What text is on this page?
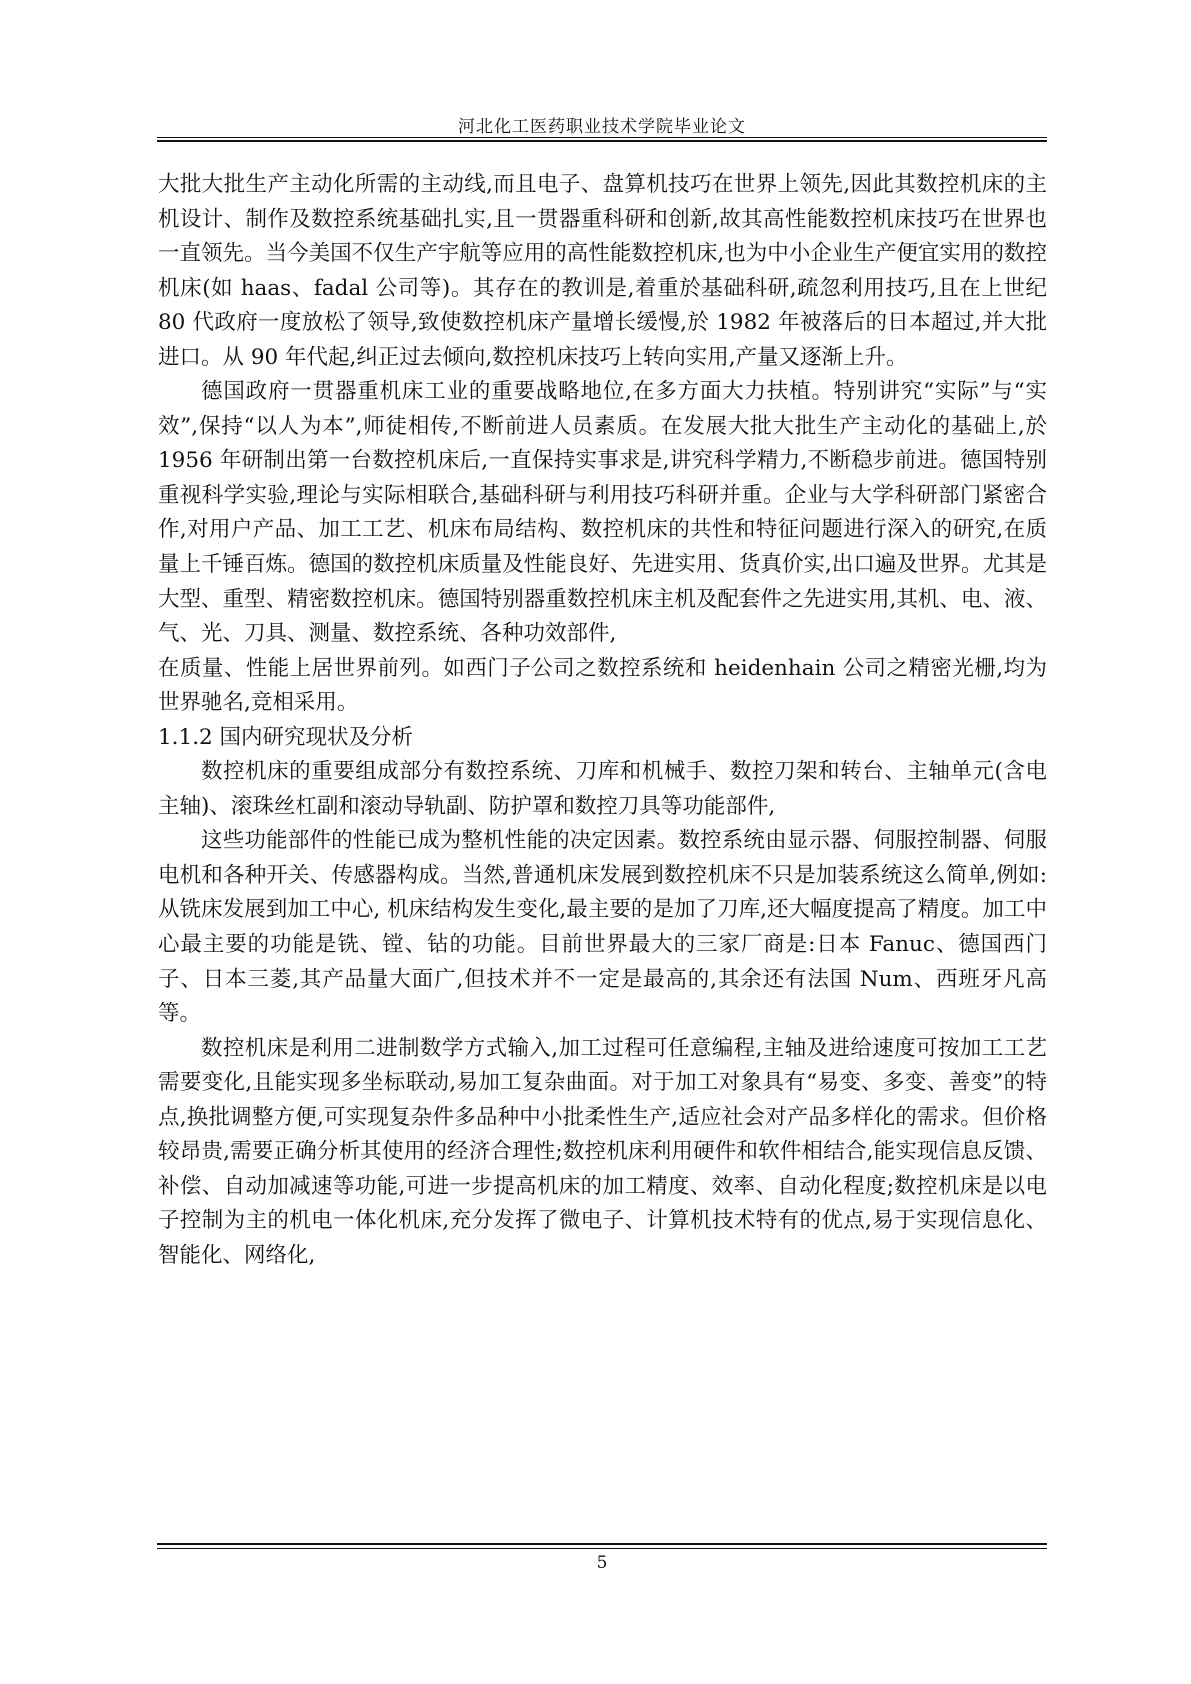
河北化工医药职业技术学院毕业论文

大批大批生产主动化所需的主动线,而且电子、盘算机技巧在世界上领先,因此其数控机床的主机设计、制作及数控系统基础扎实,且一贯器重科研和创新,故其高性能数控机床技巧在世界也一直领先。当今美国不仅生产宇航等应用的高性能数控机床,也为中小企业生产便宜实用的数控机床(如 haas、fadal 公司等)。其存在的教训是,着重於基础科研,疏忽利用技巧,且在上世纪 80 代政府一度放松了领导,致使数控机床产量增长缓慢,於 1982 年被落后的日本超过,并大批进口。从 90 年代起,纠正过去倾向,数控机床技巧上转向实用,产量又逐渐上升。

德国政府一贯器重机床工业的重要战略地位,在多方面大力扶植。特别讲究“实际”与“实效”,保持“以人为本”,师徒相传,不断前进人员素质。在发展大批大批生产主动化的基础上,於 1956 年研制出第一台数控机床后,一直保持实事求是,讲究科学精力,不断稳步前进。德国特别重视科学实验,理论与实际相联合,基础科研与利用技巧科研并重。企业与大学科研部门紧密合作,对用户产品、加工工艺、机床布局结构、数控机床的共性和特征问题进行深入的研究,在质量上千锤百炼。德国的数控机床质量及性能良好、先进实用、货真价实,出口遍及世界。尤其是大型、重型、精密数控机床。德国特别器重数控机床主机及配套件之先进实用,其机、电、液、气、光、刀具、测量、数控系统、各种功效部件,

在质量、性能上居世界前列。如西门子公司之数控系统和 heidenhain 公司之精密光栅,均为世界驰名,竞相采用。

1.1.2 国内研究现状及分析

数控机床的重要组成部分有数控系统、刀库和机械手、数控刀架和转台、主轴单元(含电主轴)、滚珠丝杠副和滚动导轨副、防护罩和数控刀具等功能部件,

这些功能部件的性能已成为整机性能的决定因素。数控系统由显示器、伺服控制器、伺服电机和各种开关、传感器构成。当然,普通机床发展到数控机床不只是加装系统这么简单,例如:从铣床发展到加工中心, 机床结构发生变化,最主要的是加了刀库,还大幅度提高了精度。加工中心最主要的功能是铣、镗、钻的功能。目前世界最大的三家厂商是:日本 Fanuc、德国西门子、日本三菱,其产品量大面广,但技术并不一定是最高的,其余还有法国 Num、西班牙凡高等。

数控机床是利用二进制数学方式输入,加工过程可任意编程,主轴及进给速度可按加工工艺需要变化,且能实现多坐标联动,易加工复杂曲面。对于加工对象具有“易变、多变、善变”的特点,换批调整方便,可实现复杂件多品种中小批柔性生产,适应社会对产品多样化的需求。但价格较昂贵,需要正确分析其使用的经济合理性;数控机床利用硬件和软件相结合,能实现信息反馈、补偿、自动加减速等功能,可进一步提高机床的加工精度、效率、自动化程度;数控机床是以电子控制为主的机电一体化机床,充分发挥了微电子、计算机技术特有的优点,易于实现信息化、智能化、网络化,

5
